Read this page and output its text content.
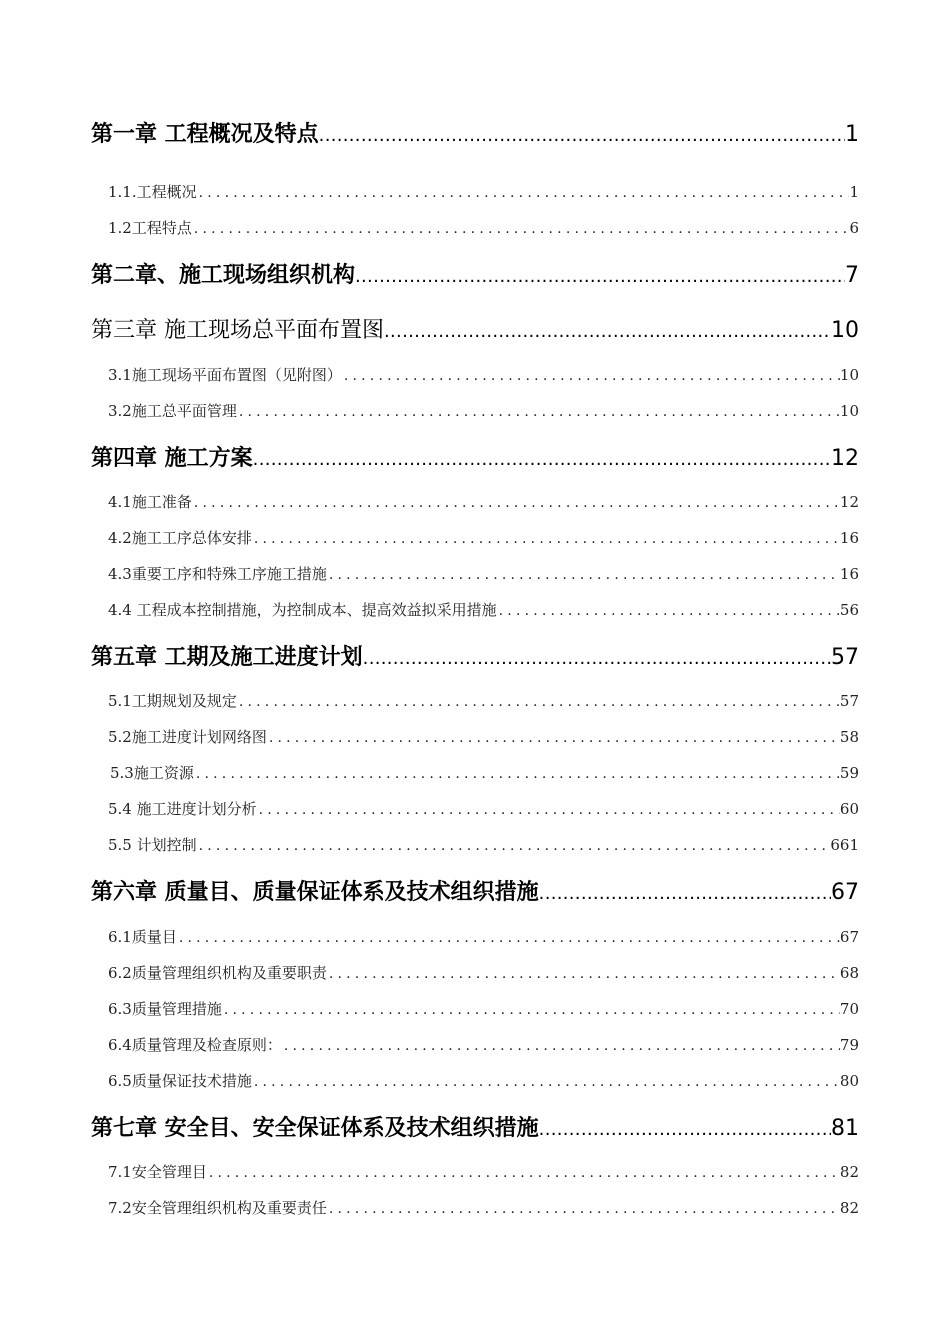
第一章 工程概况及特点 .....	1
1.1.工程概况 .....	1
1.2工程特点 .....	6
第二章、施工现场组织机构 .....	7
第三章 施工现场总平面布置图 .....	10
3.1施工现场平面布置图（见附图） .....	10
3.2施工总平面管理 .....	10
第四章 施工方案 .....	12
4.1施工准备 .....	12
4.2施工工序总体安排 .....	16
4.3重要工序和特殊工序施工措施 .....	16
4.4 工程成本控制措施，为控制成本、提高效益拟采用措施 .....	56
第五章 工期及施工进度计划 .....	57
5.1工期规划及规定 .....	57
5.2施工进度计划网络图 .....	58
5.3施工资源 .....	59
5.4 施工进度计划分析 .....	60
5.5 计划控制 .....	661
第六章 质量目、质量保证体系及技术组织措施 .....	67
6.1质量目 .....	67
6.2质量管理组织机构及重要职责 .....	68
6.3质量管理措施 .....	70
6.4质量管理及检查原则： .....	79
6.5质量保证技术措施 .....	80
第七章 安全目、安全保证体系及技术组织措施 .....	81
7.1安全管理目 .....	82
7.2安全管理组织机构及重要责任 .....	82
